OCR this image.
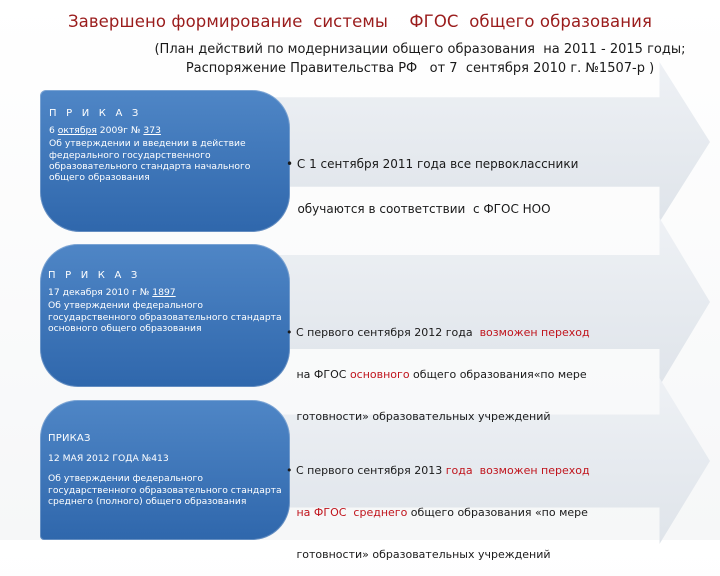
Завершено формирование  системы    ФГОС  общего образования
(План действий по модернизации общего образования  на 2011 - 2015 годы;
Распоряжение Правительства РФ   от 7  сентября 2010 г. №1507-р )
П Р И К А З
6 октября 2009г № 373
Об утверждении и введении в действие федерального государственного образовательного стандарта начального общего образования

• С 1 сентября 2011 года все первоклассники

обучаются в соответствии  с ФГОС НОО

П Р И К А З
17 декабря 2010 г № 1897
Об утверждении федерального государственного образовательного стандарта основного общего образования

	• С первого сентября 2012 года  возможен переход

на ФГОС основного общего образования«по мере

готовности» образовательных учреждений

ПРИКАЗ
12 МАЯ 2012 ГОДА №413
Об утверждении федерального государственного образовательного стандарта среднего (полного) общего образования

• С первого сентября 2013 года  возможен переход

на ФГОС  среднего общего образования «по мере

готовности» образовательных учреждений
